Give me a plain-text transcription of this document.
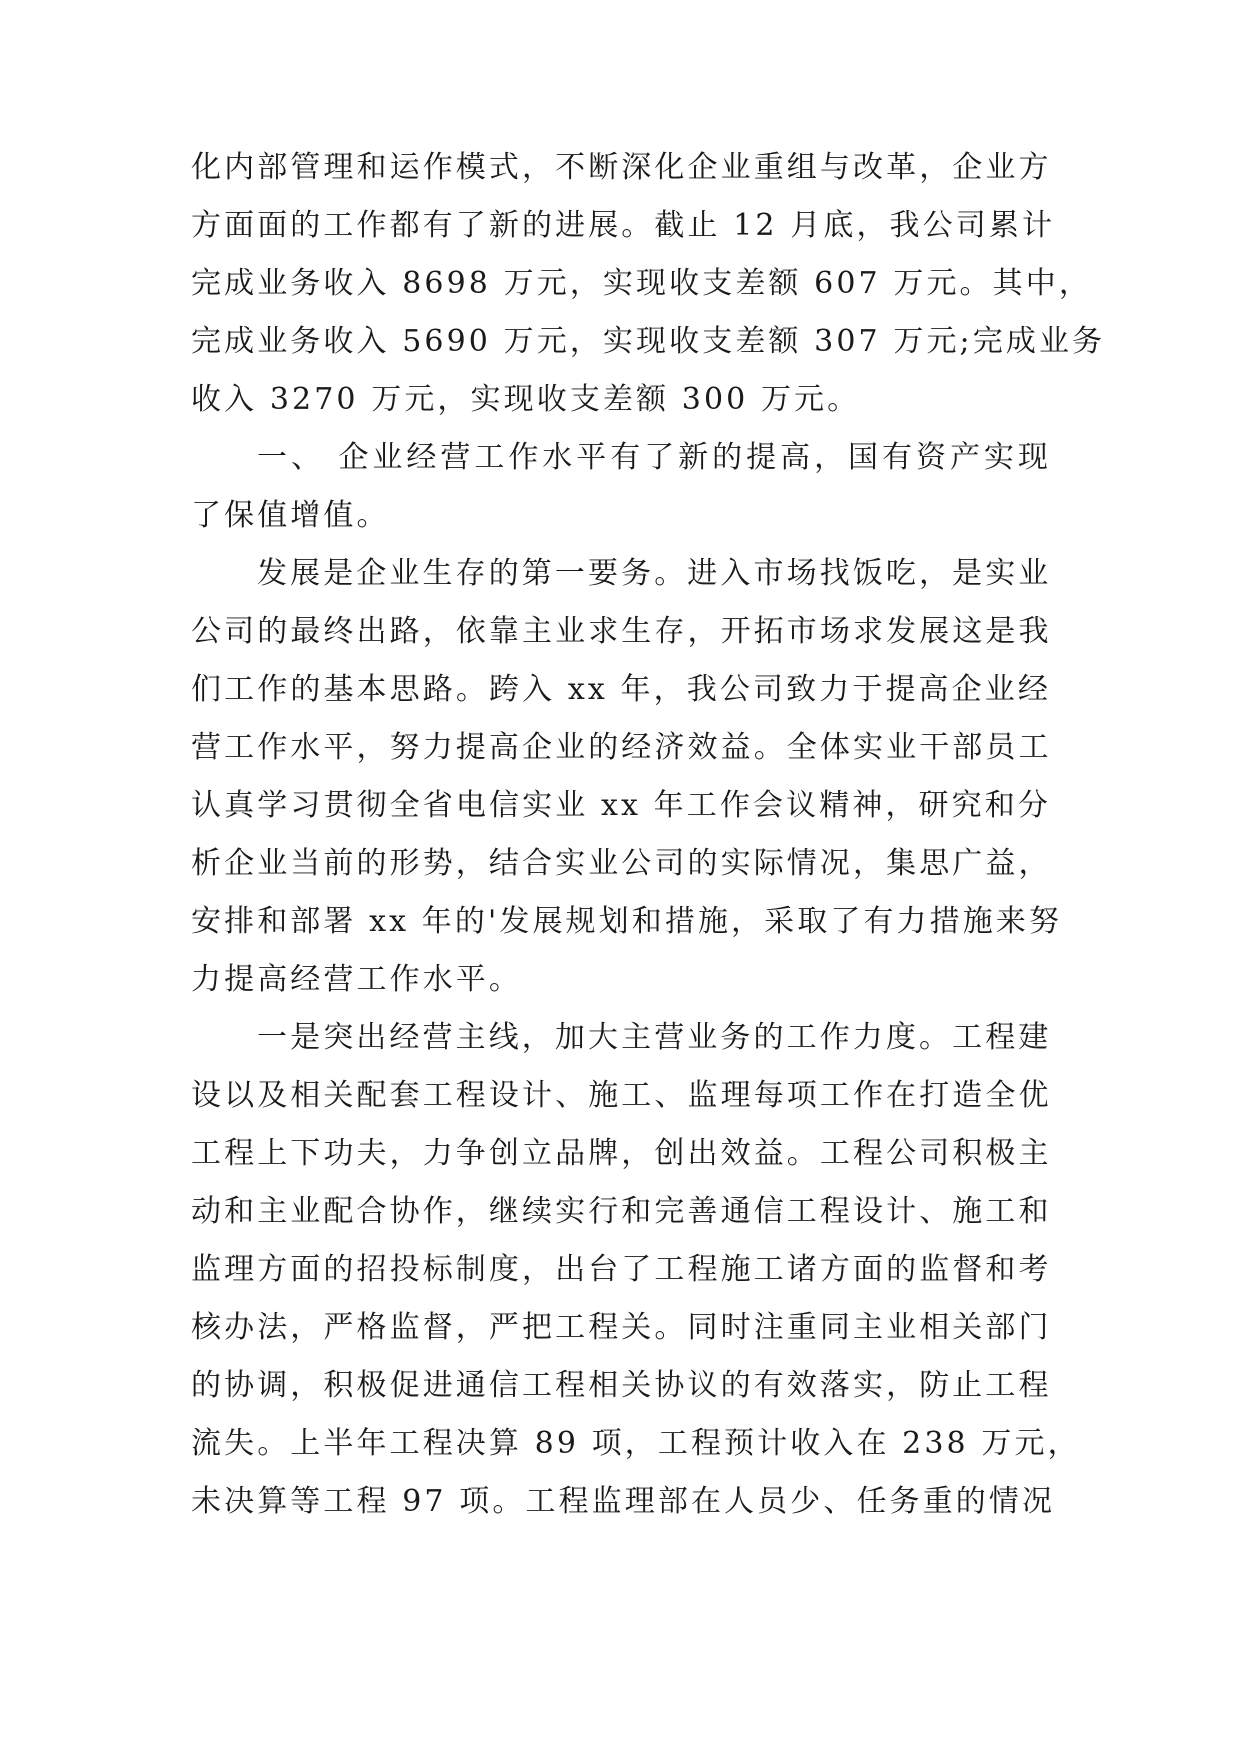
化内部管理和运作模式，不断深化企业重组与改革，企业方
方面面的工作都有了新的进展。截止 12 月底，我公司累计
完成业务收入 8698 万元，实现收支差额 607 万元。其中，
完成业务收入 5690 万元，实现收支差额 307 万元;完成业务
收入 3270 万元，实现收支差额 300 万元。
一、 企业经营工作水平有了新的提高，国有资产实现
了保值增值。
发展是企业生存的第一要务。进入市场找饭吃，是实业
公司的最终出路，依靠主业求生存，开拓市场求发展这是我
们工作的基本思路。跨入 xx 年，我公司致力于提高企业经
营工作水平，努力提高企业的经济效益。全体实业干部员工
认真学习贯彻全省电信实业 xx 年工作会议精神，研究和分
析企业当前的形势，结合实业公司的实际情况，集思广益，
安排和部署 xx 年的'发展规划和措施，采取了有力措施来努
力提高经营工作水平。
一是突出经营主线，加大主营业务的工作力度。工程建
设以及相关配套工程设计、施工、监理每项工作在打造全优
工程上下功夫，力争创立品牌，创出效益。工程公司积极主
动和主业配合协作，继续实行和完善通信工程设计、施工和
监理方面的招投标制度，出台了工程施工诸方面的监督和考
核办法，严格监督，严把工程关。同时注重同主业相关部门
的协调，积极促进通信工程相关协议的有效落实，防止工程
流失。上半年工程决算 89 项，工程预计收入在 238 万元，
未决算等工程 97 项。工程监理部在人员少、任务重的情况
